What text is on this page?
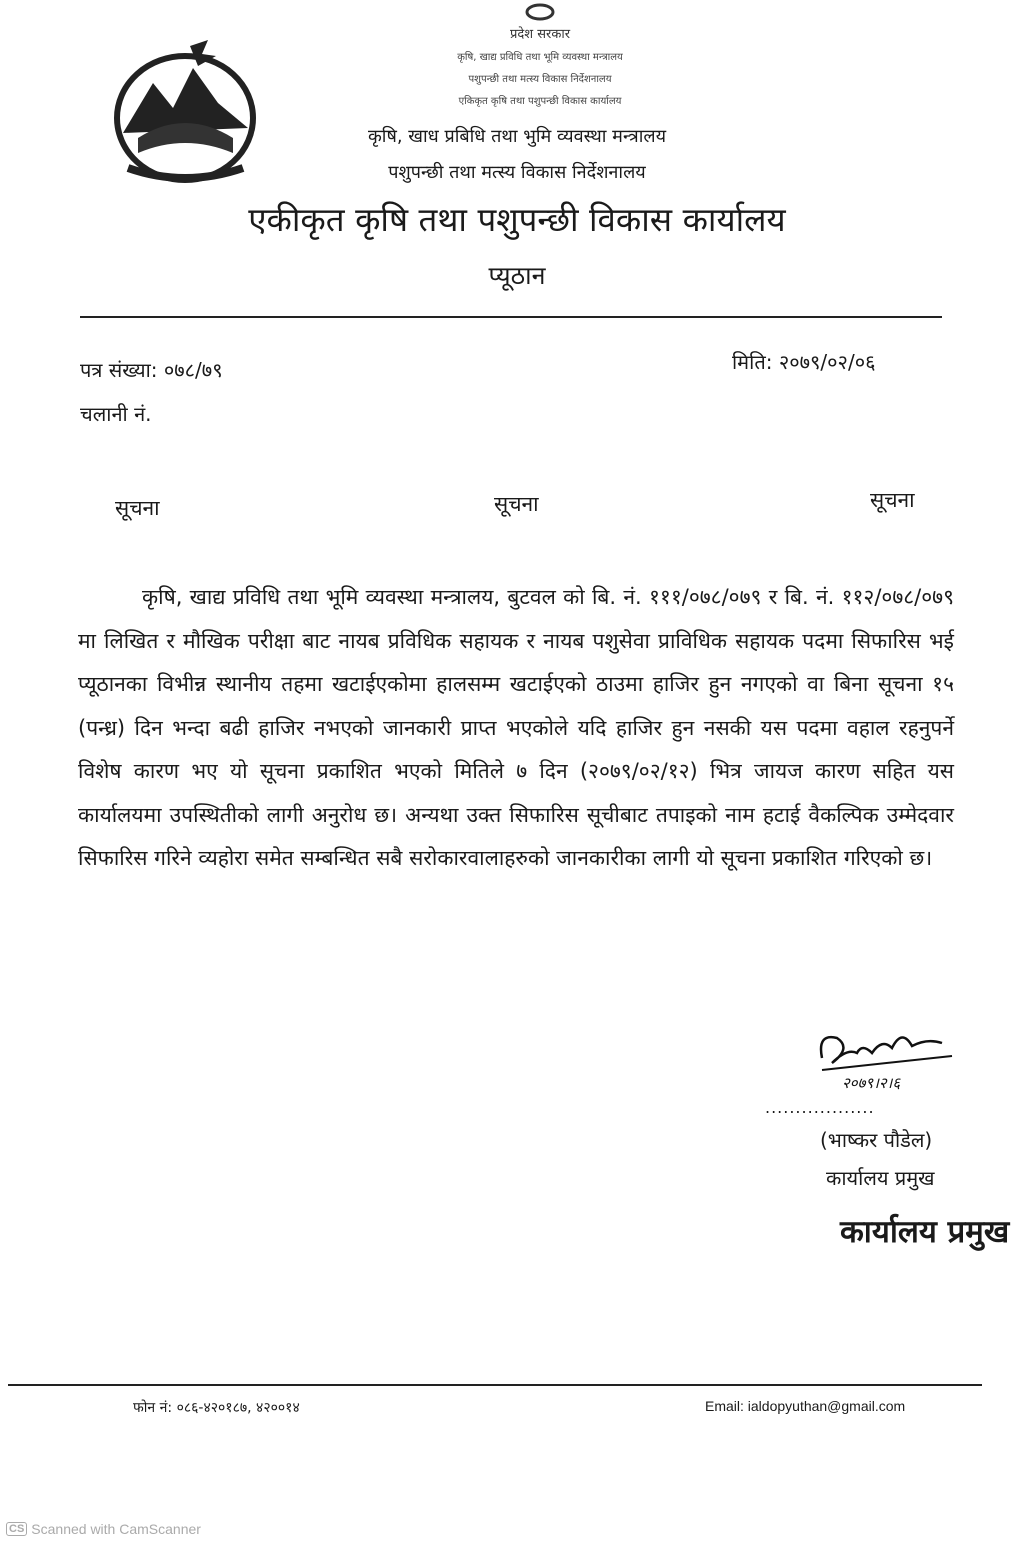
प्रदेश सरकार
कृषि, खाद्य प्रविधि तथा भूमि व्यवस्था मन्त्रालय
पशुपन्छी तथा मत्स्य विकास निर्देशनालय
एकिकृत कृषि तथा पशुपन्छी विकास कार्यालय
कृषि, खाध प्रबिधि तथा भुमि व्यवस्था मन्त्रालय
पशुपन्छी तथा मत्स्य विकास निर्देशनालय
एकीकृत कृषि तथा पशुपन्छी विकास कार्यालय
प्यूठान
पत्र संख्या: ०७८/७९
चलानी नं.
मिति: २०७९/०२/०६
सूचना	सूचना	सूचना

कृषि, खाद्य प्रविधि तथा भूमि व्यवस्था मन्त्रालय, बुटवल को बि. नं. १११/०७८/०७९ र बि. नं. ११२/०७८/०७९ मा लिखित र मौखिक परीक्षा बाट नायब प्रविधिक सहायक र नायब पशुसेवा प्राविधिक सहायक पदमा सिफारिस भई प्यूठानका विभीन्न स्थानीय तहमा खटाईएकोमा हालसम्म खटाईएको ठाउमा हाजिर हुन नगएको वा बिना सूचना १५ (पन्ध्र) दिन भन्दा बढी हाजिर नभएको जानकारी प्राप्त भएकोले यदि हाजिर हुन नसकी यस पदमा वहाल रहनुपर्ने विशेष कारण भए यो सूचना प्रकाशित भएको मितिले ७ दिन (२०७९/०२/१२) भित्र जायज कारण सहित यस कार्यालयमा उपस्थितीको लागी अनुरोध छ। अन्यथा उक्त सिफारिस सूचीबाट तपाइको नाम हटाई वैकल्पिक उम्मेदवार सिफारिस गरिने व्यहोरा समेत सम्बन्धित सबै सरोकारवालाहरुको जानकारीका लागी यो सूचना प्रकाशित गरिएको छ।

२०७९।२।६
..................
(भाष्कर पौडेल)
कार्यालय प्रमुख
कार्यालय प्रमुख
फोन नं: ०८६-४२०१८७, ४२००१४	Email: ialdopyuthan@gmail.com
CS Scanned with CamScanner
